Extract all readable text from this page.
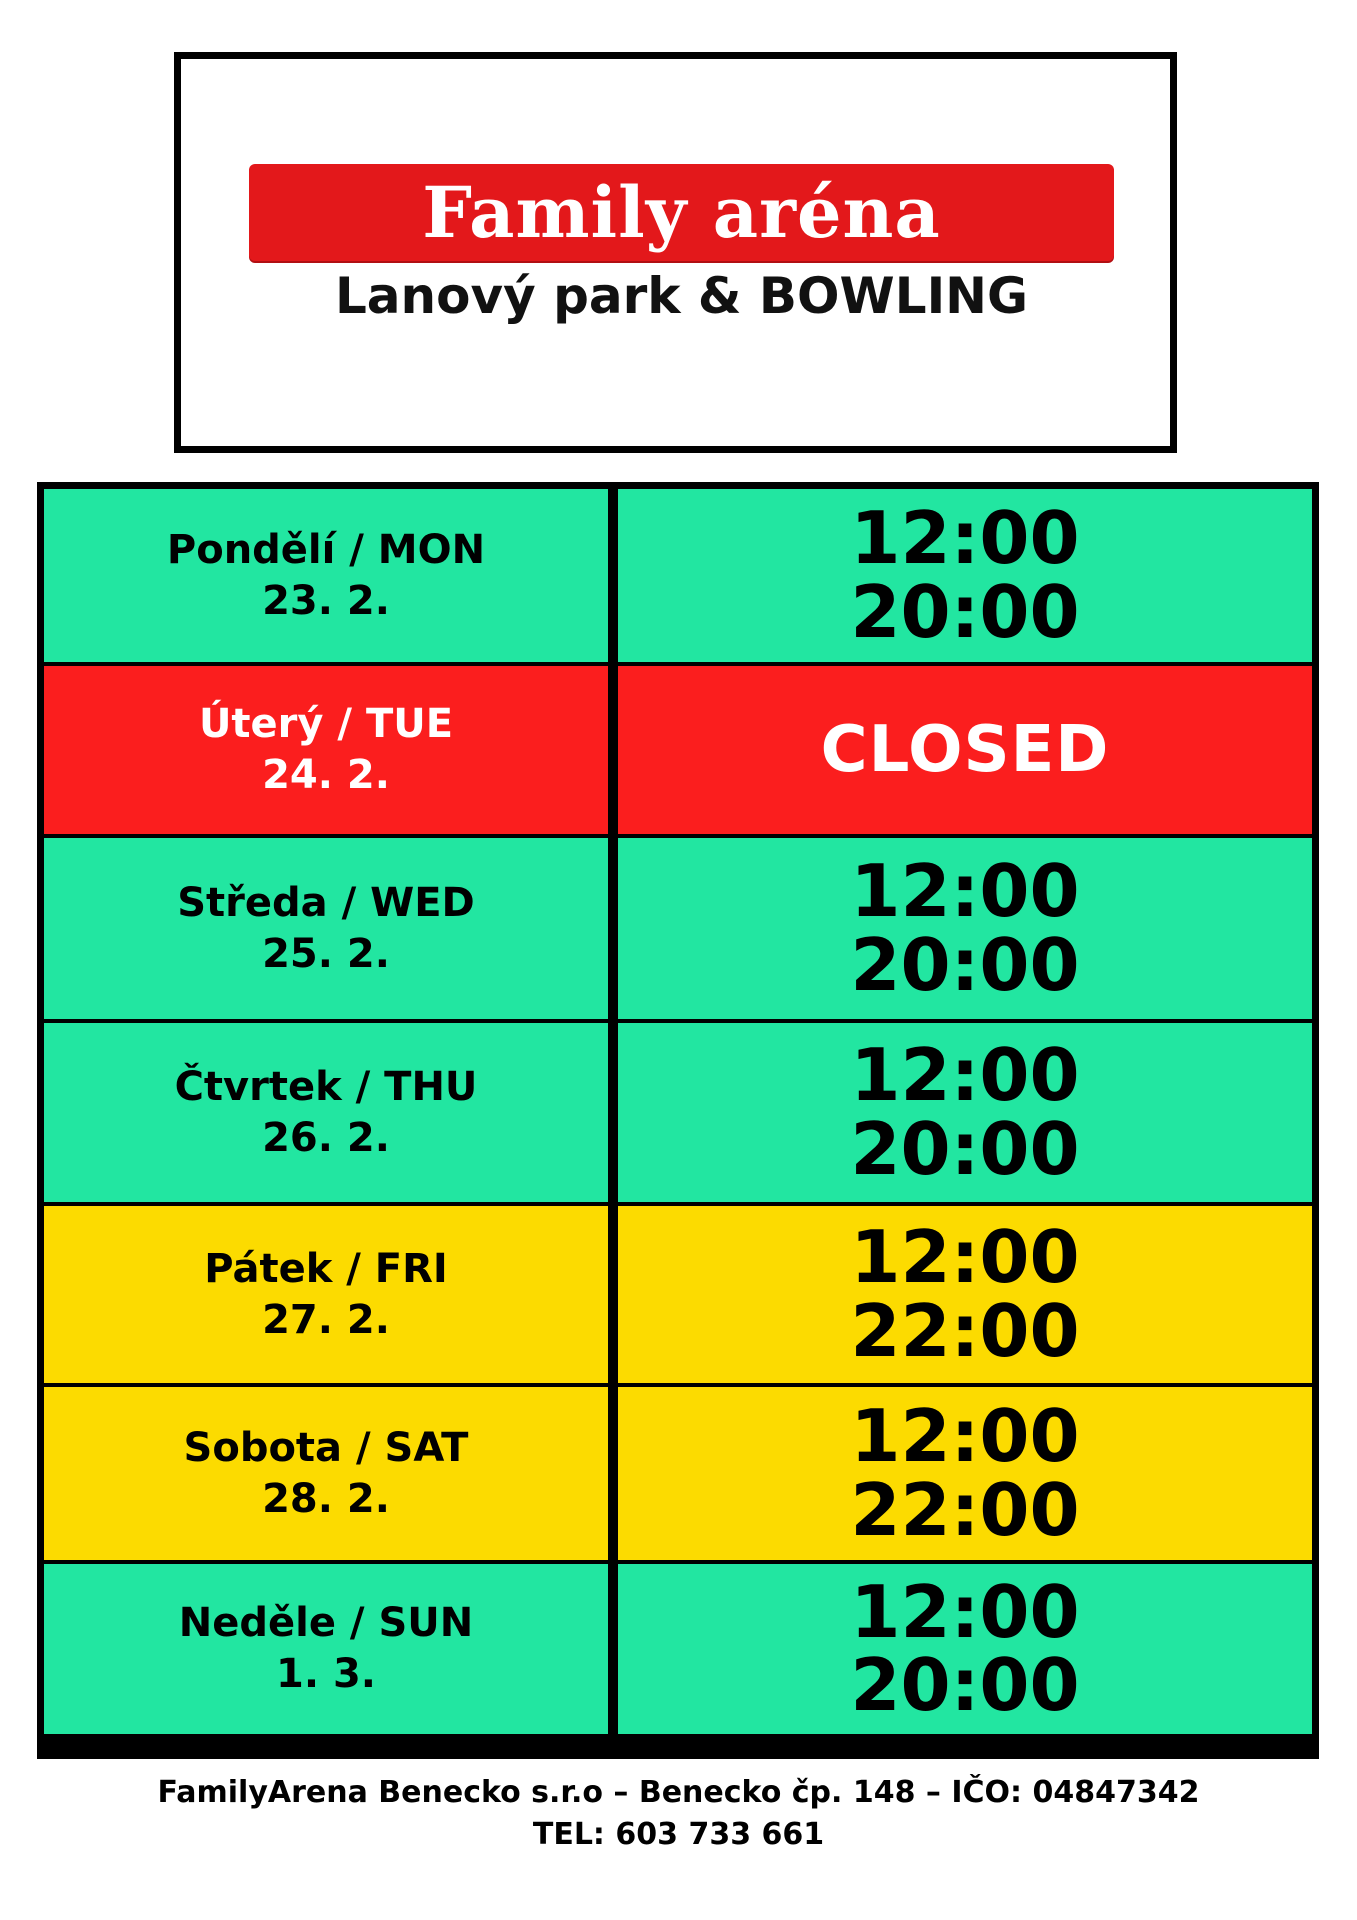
Family aréna
Lanový park & BOWLING
Pondělí / MON
23. 2.
12:00
20:00
Úterý / TUE
24. 2.	CLOSED
Středa / WED
25. 2.
12:00
20:00
Čtvrtek / THU
26. 2.
12:00
20:00
Pátek / FRI
27. 2.
12:00
22:00
Sobota / SAT
28. 2.
12:00
22:00
Neděle / SUN
1. 3.
12:00
20:00
FamilyArena Benecko s.r.o – Benecko čp. 148 – IČO: 04847342
TEL: 603 733 661
